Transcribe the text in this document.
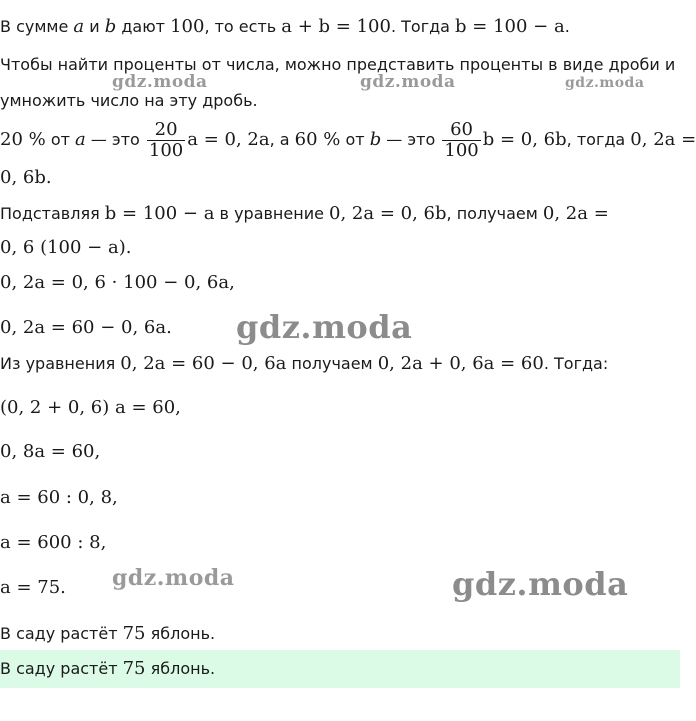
В сумме a и b дают 100, то есть a + b = 100. Тогда b = 100 − a.
Чтобы найти проценты от числа, можно представить проценты в виде дроби и
умножить число на эту дробь.
20 % от a — это $\frac{20}{100}$ a = 0, 2a, а 60 % от b — это $\frac{60}{100}$ b = 0, 6b, тогда 0, 2a =
0, 6b.
Подставляя b = 100 − a в уравнение 0, 2a = 0, 6b, получаем 0, 2a =
0, 6 (100 − a).
0, 2a = 0, 6 · 100 − 0, 6a,
0, 2a = 60 − 0, 6a.
Из уравнения 0, 2a = 60 − 0, 6a получаем 0, 2a + 0, 6a = 60. Тогда:
(0, 2 + 0, 6) a = 60,
0, 8a = 60,
a = 60 : 0, 8,
a = 600 : 8,
a = 75.
В саду растёт 75 яблонь.
В саду растёт 75 яблонь.
gdz.moda	gdz.moda	gdz.moda
gdz.moda
gdz.moda	gdz.moda
